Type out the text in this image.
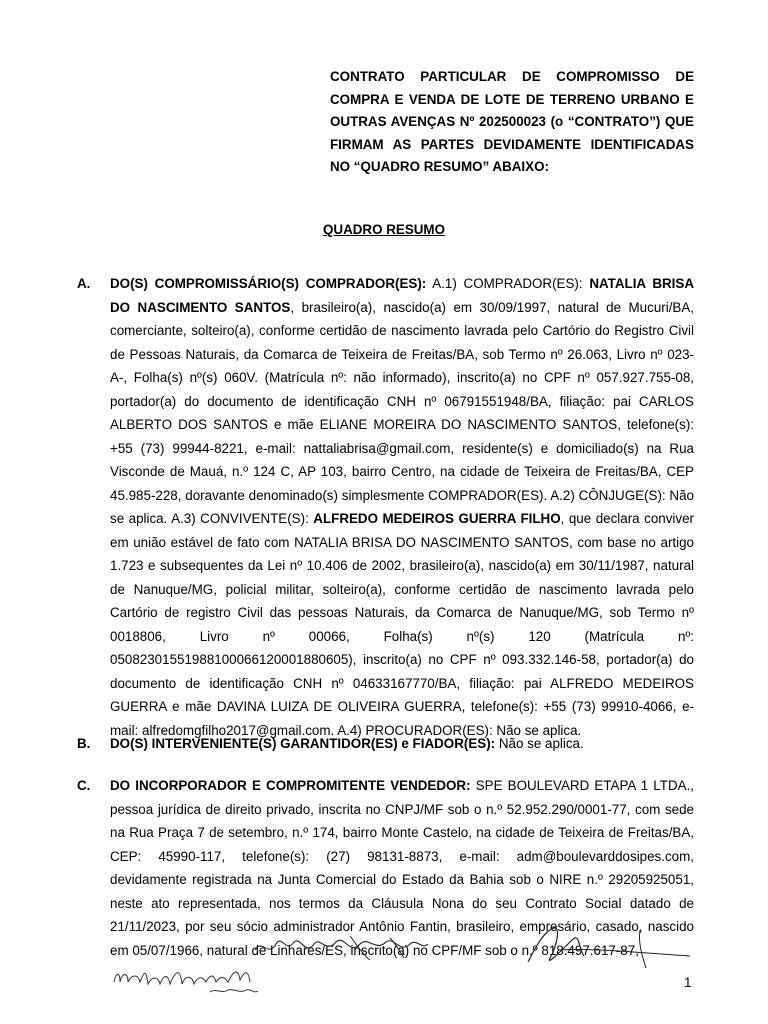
CONTRATO PARTICULAR DE COMPROMISSO DE COMPRA E VENDA DE LOTE DE TERRENO URBANO E OUTRAS AVENÇAS Nº 202500023 (o “CONTRATO”) QUE FIRMAM AS PARTES DEVIDAMENTE IDENTIFICADAS NO “QUADRO RESUMO” ABAIXO:
QUADRO RESUMO
A. DO(S) COMPROMISSÁRIO(S) COMPRADOR(ES): A.1) COMPRADOR(ES): NATALIA BRISA DO NASCIMENTO SANTOS, brasileiro(a), nascido(a) em 30/09/1997, natural de Mucuri/BA, comerciante, solteiro(a), conforme certidão de nascimento lavrada pelo Cartório do Registro Civil de Pessoas Naturais, da Comarca de Teixeira de Freitas/BA, sob Termo nº 26.063, Livro nº 023-A-, Folha(s) nº(s) 060V. (Matrícula nº: não informado), inscrito(a) no CPF nº 057.927.755-08, portador(a) do documento de identificação CNH nº 06791551948/BA, filiação: pai CARLOS ALBERTO DOS SANTOS e mãe ELIANE MOREIRA DO NASCIMENTO SANTOS, telefone(s): +55 (73) 99944-8221, e-mail: nattaliabrisa@gmail.com, residente(s) e domiciliado(s) na Rua Visconde de Mauá, n.º 124 C, AP 103, bairro Centro, na cidade de Teixeira de Freitas/BA, CEP 45.985-228, doravante denominado(s) simplesmente COMPRADOR(ES). A.2) CÔNJUGE(S): Não se aplica. A.3) CONVIVENTE(S): ALFREDO MEDEIROS GUERRA FILHO, que declara conviver em união estável de fato com NATALIA BRISA DO NASCIMENTO SANTOS, com base no artigo 1.723 e subsequentes da Lei nº 10.406 de 2002, brasileiro(a), nascido(a) em 30/11/1987, natural de Nanuque/MG, policial militar, solteiro(a), conforme certidão de nascimento lavrada pelo Cartório de registro Civil das pessoas Naturais, da Comarca de Nanuque/MG, sob Termo nº 0018806, Livro nº 00066, Folha(s) nº(s) 120 (Matrícula nº: 05082301551988100066120001880605), inscrito(a) no CPF nº 093.332.146-58, portador(a) do documento de identificação CNH nº 04633167770/BA, filiação: pai ALFREDO MEDEIROS GUERRA e mãe DAVINA LUIZA DE OLIVEIRA GUERRA, telefone(s): +55 (73) 99910-4066, e-mail: alfredomgfilho2017@gmail.com. A.4) PROCURADOR(ES): Não se aplica.
B. DO(S) INTERVENIENTE(S) GARANTIDOR(ES) e FIADOR(ES): Não se aplica.
C. DO INCORPORADOR E COMPROMITENTE VENDEDOR: SPE BOULEVARD ETAPA 1 LTDA., pessoa jurídica de direito privado, inscrita no CNPJ/MF sob o n.º 52.952.290/0001-77, com sede na Rua Praça 7 de setembro, n.º 174, bairro Monte Castelo, na cidade de Teixeira de Freitas/BA, CEP: 45990-117, telefone(s): (27) 98131-8873, e-mail: adm@boulevarddosipes.com, devidamente registrada na Junta Comercial do Estado da Bahia sob o NIRE n.º 29205925051, neste ato representada, nos termos da Cláusula Nona do seu Contrato Social datado de 21/11/2023, por seu sócio administrador Antônio Fantin, brasileiro, empresário, casado, nascido em 05/07/1966, natural de Linhares/ES, inscrito(a) no CPF/MF sob o n.º 818.497.617-87,
1
